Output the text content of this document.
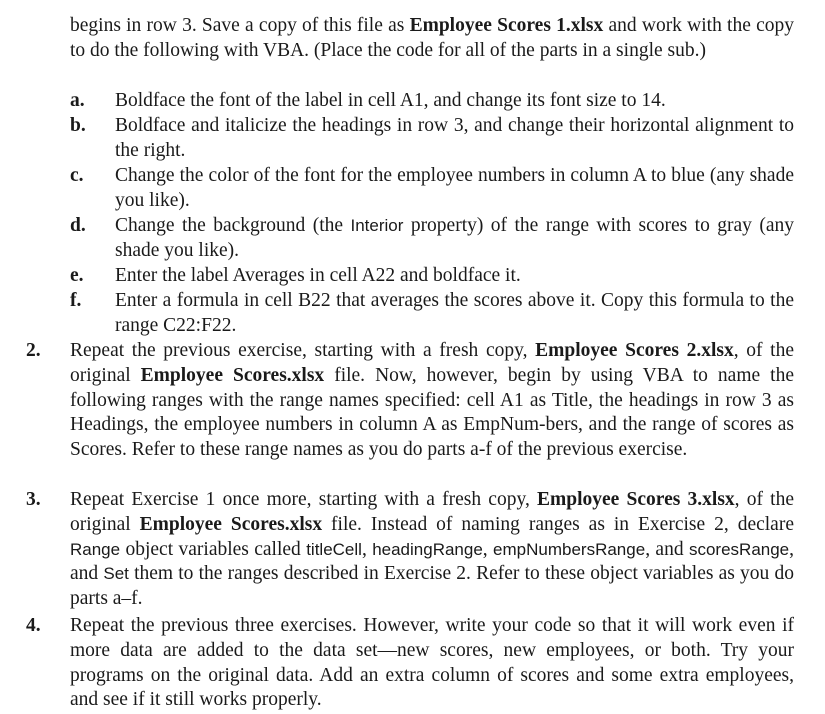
begins in row 3. Save a copy of this file as Employee Scores 1.xlsx and work with the copy to do the following with VBA. (Place the code for all of the parts in a single sub.)

a. Boldface the font of the label in cell A1, and change its font size to 14.
b. Boldface and italicize the headings in row 3, and change their horizontal alignment to the right.
c. Change the color of the font for the employee numbers in column A to blue (any shade you like).
d. Change the background (the Interior property) of the range with scores to gray (any shade you like).
e. Enter the label Averages in cell A22 and boldface it.
f. Enter a formula in cell B22 that averages the scores above it. Copy this formula to the range C22:F22.
2. Repeat the previous exercise, starting with a fresh copy, Employee Scores 2.xlsx, of the original Employee Scores.xlsx file. Now, however, begin by using VBA to name the following ranges with the range names specified: cell A1 as Title, the headings in row 3 as Headings, the employee numbers in column A as EmpNum-bers, and the range of scores as Scores. Refer to these range names as you do parts a-f of the previous exercise.
3. Repeat Exercise 1 once more, starting with a fresh copy, Employee Scores 3.xlsx, of the original Employee Scores.xlsx file. Instead of naming ranges as in Exercise 2, declare Range object variables called titleCell, headingRange, empNumbersRange, and scoresRange, and Set them to the ranges described in Exercise 2. Refer to these object variables as you do parts a–f.
4. Repeat the previous three exercises. However, write your code so that it will work even if more data are added to the data set—new scores, new employees, or both. Try your programs on the original data. Add an extra column of scores and some extra employees, and see if it still works properly.
